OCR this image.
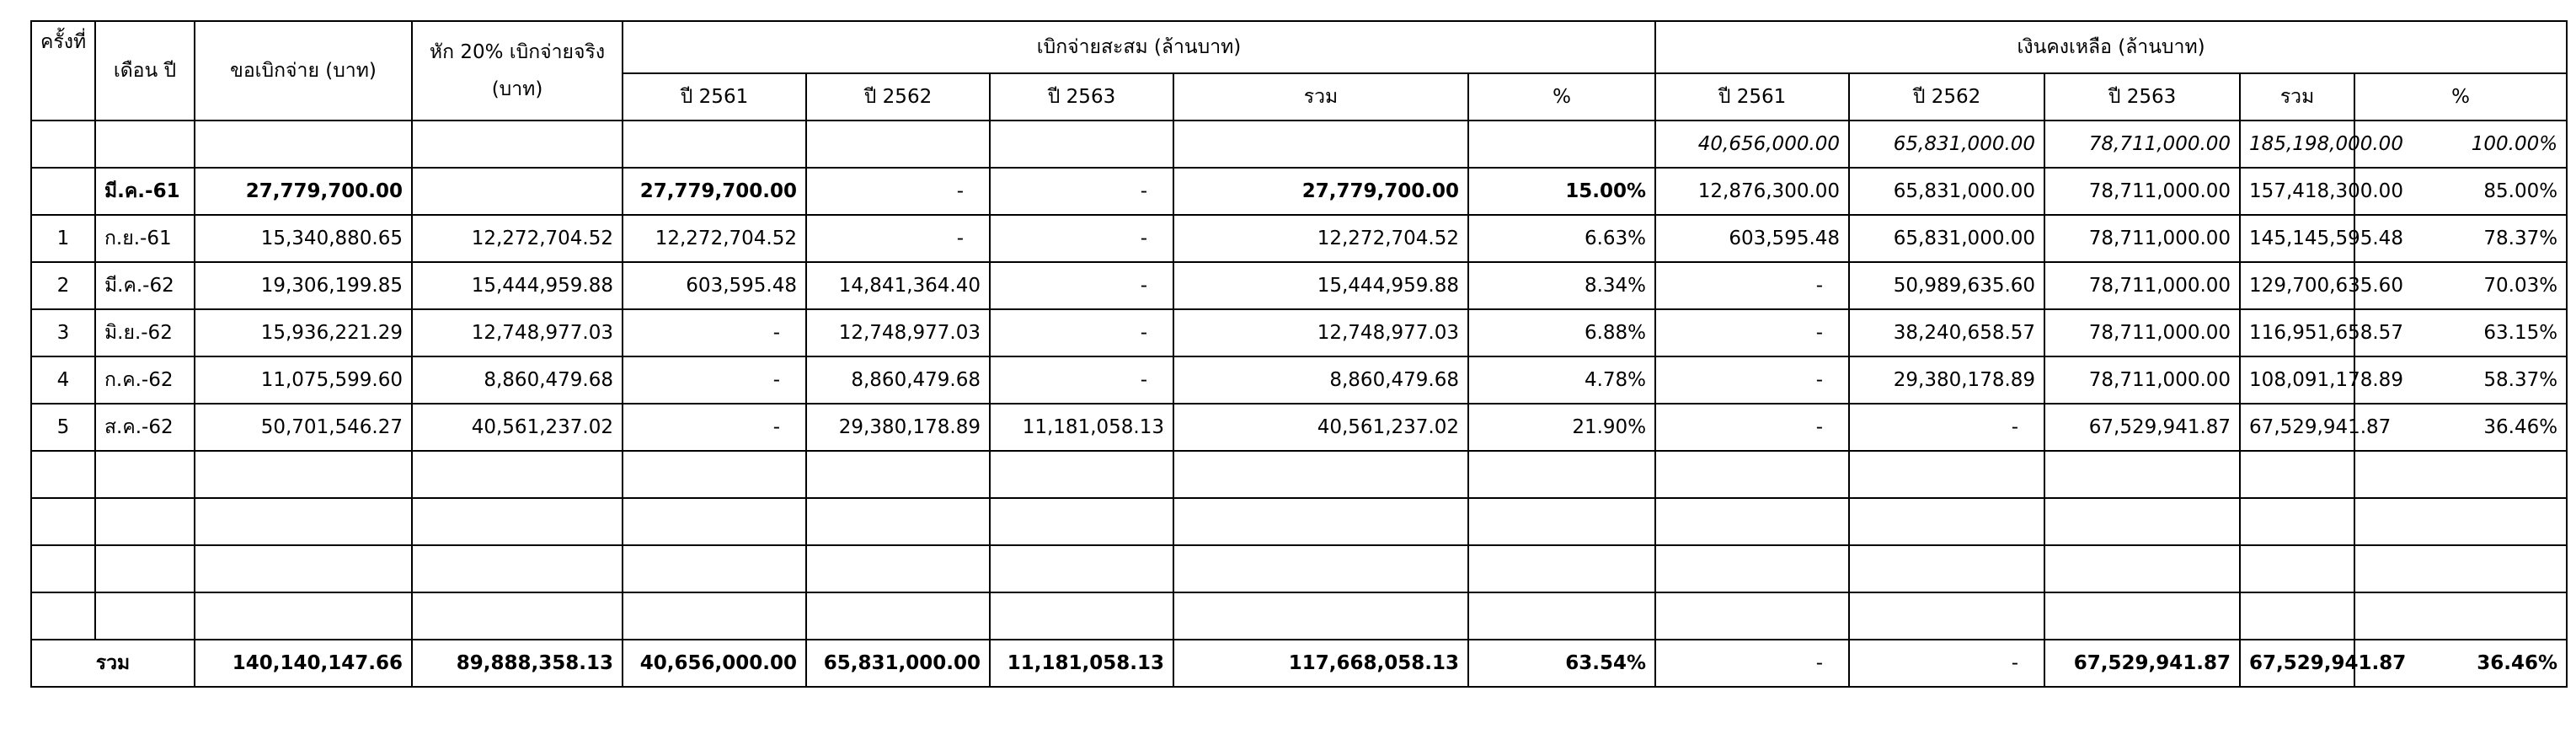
ครั้งที่	เดือน ปี	ขอเบิกจ่าย (บาท)	หัก 20% เบิกจ่ายจริง
(บาท)	เบิกจ่ายสะสม (ล้านบาท)					เงินคงเหลือ (ล้านบาท)	
				ปี 2561	ปี 2562	ปี 2563	รวม	%	ปี 2561	ปี 2562	ปี 2563	รวม	%	
									40,656,000.00	65,831,000.00	78,711,000.00	185,198,000.00	100.00%	
	มี.ค.-61	27,779,700.00		27,779,700.00	-	-	27,779,700.00	15.00%	12,876,300.00	65,831,000.00	78,711,000.00	157,418,300.00	85.00%	
1	ก.ย.-61	15,340,880.65	12,272,704.52	12,272,704.52	-	-	12,272,704.52	6.63%	603,595.48	65,831,000.00	78,711,000.00	145,145,595.48	78.37%	
2	มี.ค.-62	19,306,199.85	15,444,959.88	603,595.48	14,841,364.40	-	15,444,959.88	8.34%	-	50,989,635.60	78,711,000.00	129,700,635.60	70.03%	
3	มิ.ย.-62	15,936,221.29	12,748,977.03	-	12,748,977.03	-	12,748,977.03	6.88%	-	38,240,658.57	78,711,000.00	116,951,658.57	63.15%	
4	ก.ค.-62	11,075,599.60	8,860,479.68	-	8,860,479.68	-	8,860,479.68	4.78%	-	29,380,178.89	78,711,000.00	108,091,178.89	58.37%	
5	ส.ค.-62	50,701,546.27	40,561,237.02	-	29,380,178.89	11,181,058.13	40,561,237.02	21.90%	-	-	67,529,941.87	67,529,941.87	36.46%	

รวม		140,140,147.66	89,888,358.13	40,656,000.00	65,831,000.00	11,181,058.13	117,668,058.13	63.54%	-	-	67,529,941.87	67,529,941.87	36.46%	
